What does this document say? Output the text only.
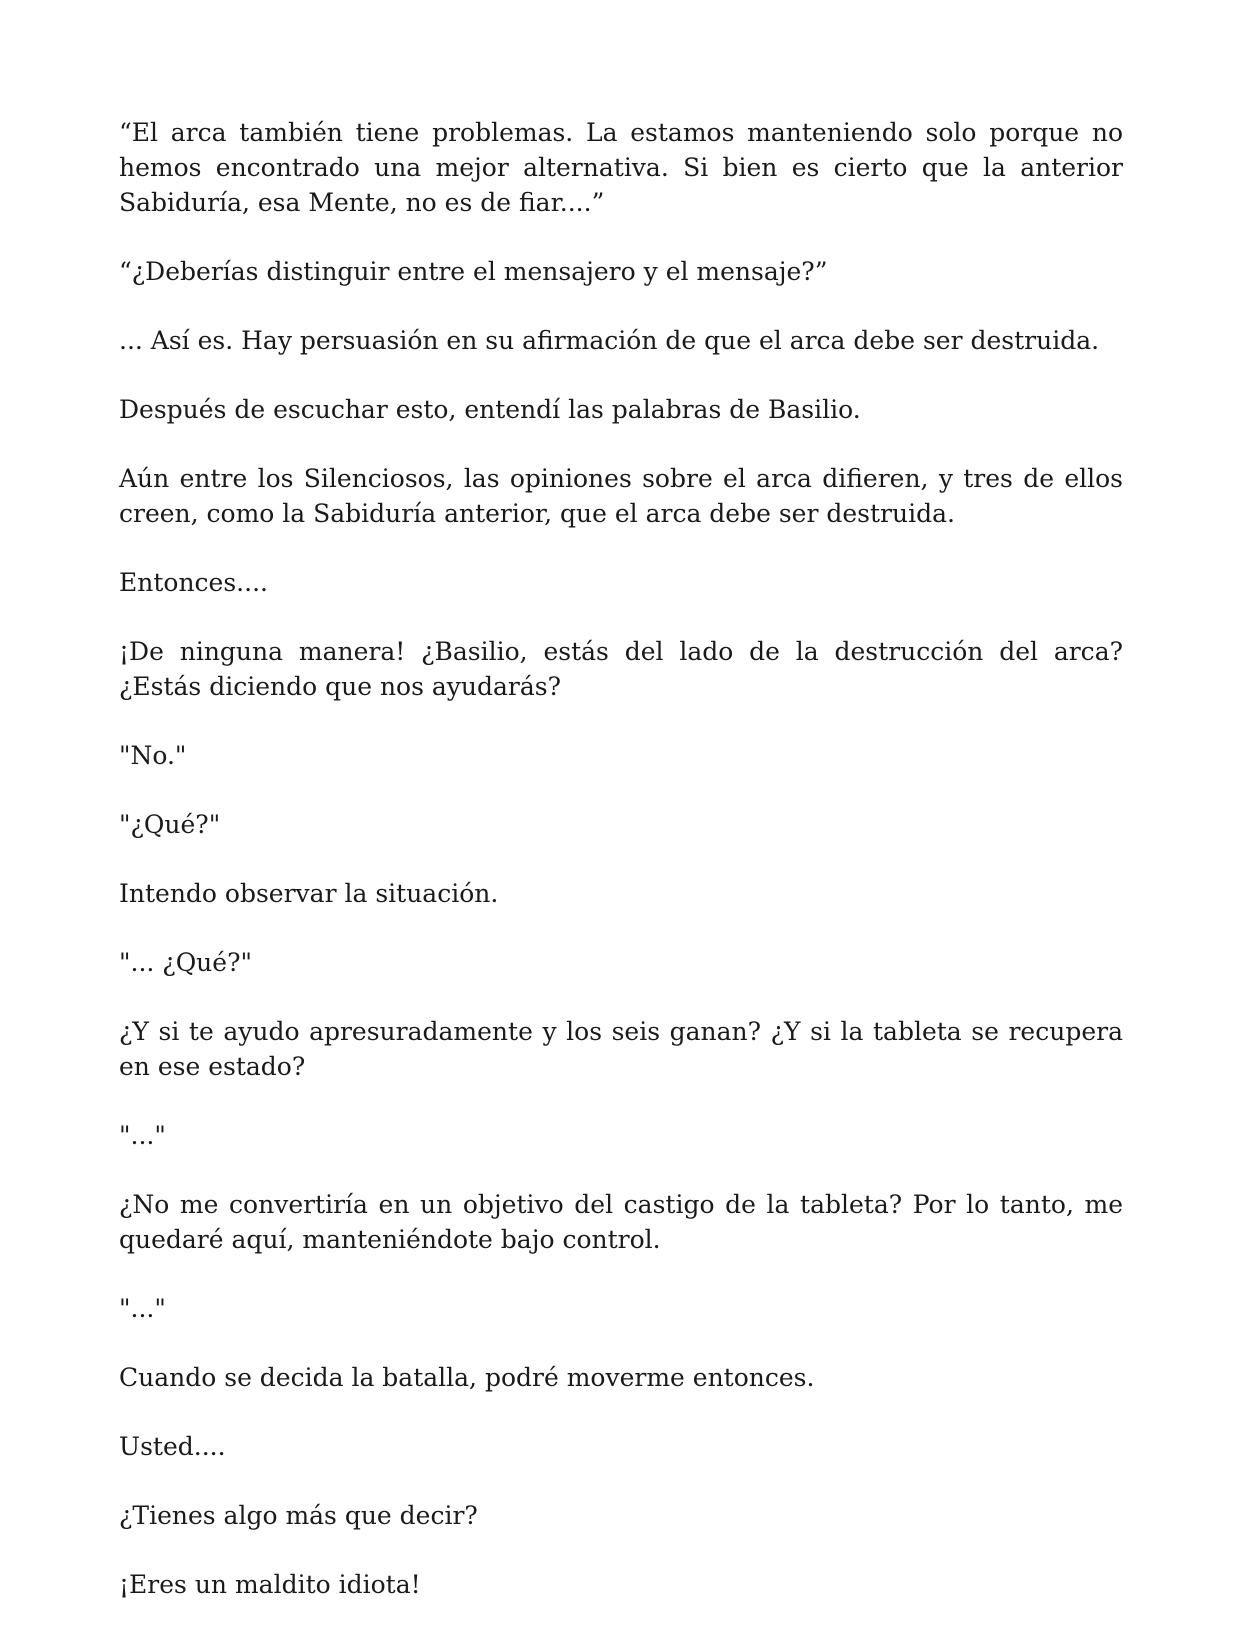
“El arca también tiene problemas. La estamos manteniendo solo porque no hemos encontrado una mejor alternativa. Si bien es cierto que la anterior Sabiduría, esa Mente, no es de fiar....”

“¿Deberías distinguir entre el mensajero y el mensaje?”

... Así es. Hay persuasión en su afirmación de que el arca debe ser destruida.

Después de escuchar esto, entendí las palabras de Basilio.

Aún entre los Silenciosos, las opiniones sobre el arca difieren, y tres de ellos creen, como la Sabiduría anterior, que el arca debe ser destruida.

Entonces....

¡De ninguna manera! ¿Basilio, estás del lado de la destrucción del arca? ¿Estás diciendo que nos ayudarás?

"No."

"¿Qué?"

Intendo observar la situación.

"... ¿Qué?"

¿Y si te ayudo apresuradamente y los seis ganan? ¿Y si la tableta se recupera en ese estado?

"..."

¿No me convertiría en un objetivo del castigo de la tableta? Por lo tanto, me quedaré aquí, manteniéndote bajo control.

"..."

Cuando se decida la batalla, podré moverme entonces.

Usted....

¿Tienes algo más que decir?

¡Eres un maldito idiota!
